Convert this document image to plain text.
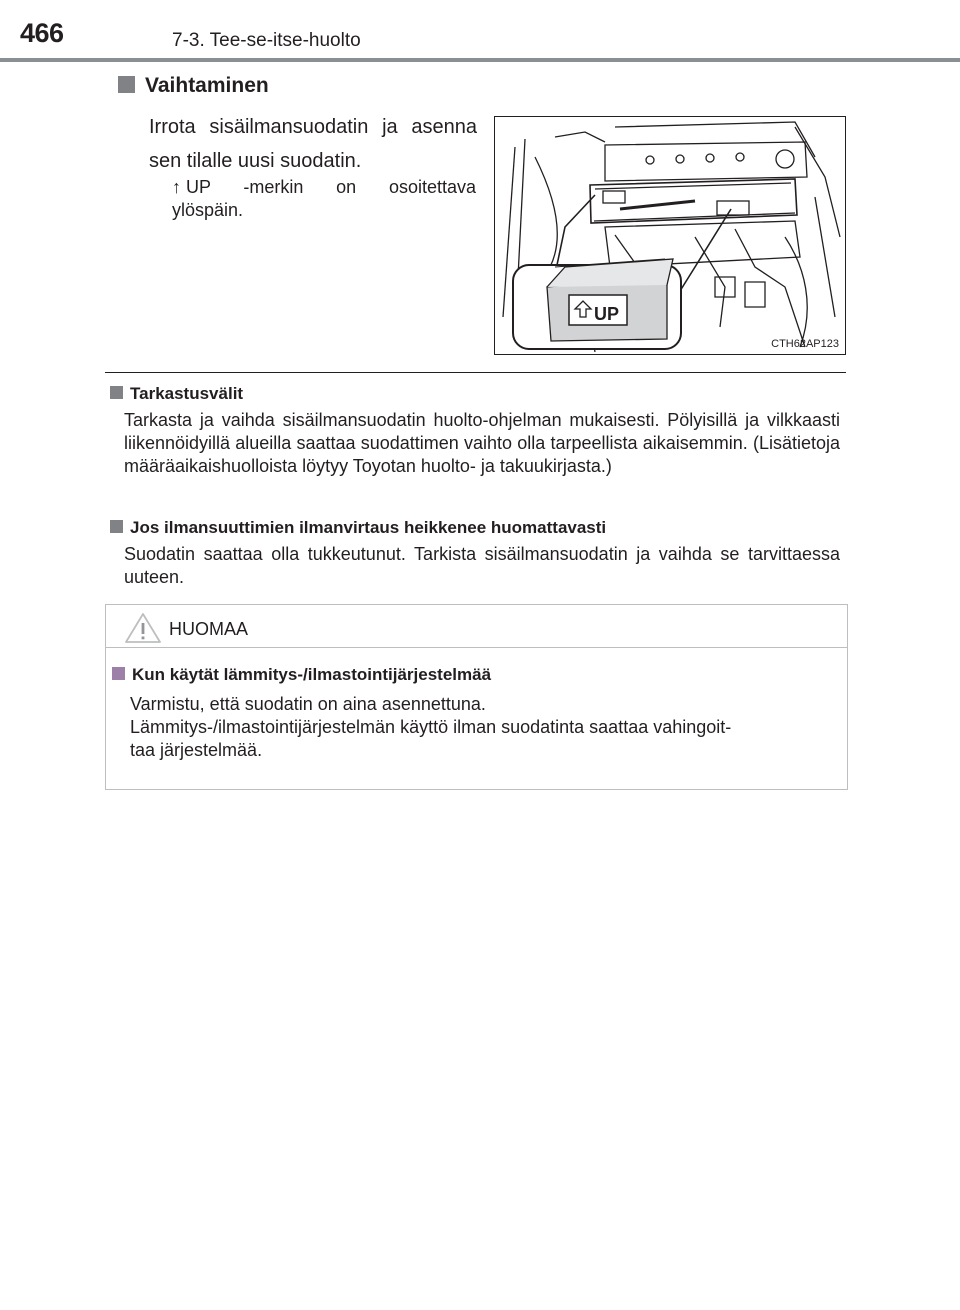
466	7-3. Tee-se-itse-huolto
Vaihtaminen
Irrota sisäilmansuodatin ja asenna
sen tilalle uusi suodatin.
↑ UP -merkin on osoitettava
ylöspäin.
UP
CTH62AP123
Tarkastusvälit
Tarkasta ja vaihda sisäilmansuodatin huolto-ohjelman mukaisesti. Pölyisillä ja vilkkaasti liikennöidyillä alueilla saattaa suodattimen vaihto olla tarpeellista aikaisemmin. (Lisätietoja määräaikaishuolloista löytyy Toyotan huolto- ja takuukirjasta.)
Jos ilmansuuttimien ilmanvirtaus heikkenee huomattavasti
Suodatin saattaa olla tukkeutunut. Tarkista sisäilmansuodatin ja vaihda se tarvittaessa uuteen.
HUOMAA
Kun käytät lämmitys-/ilmastointijärjestelmää
Varmistu, että suodatin on aina asennettuna.
Lämmitys-/ilmastointijärjestelmän käyttö ilman suodatinta saattaa vahingoit-
taa järjestelmää.
